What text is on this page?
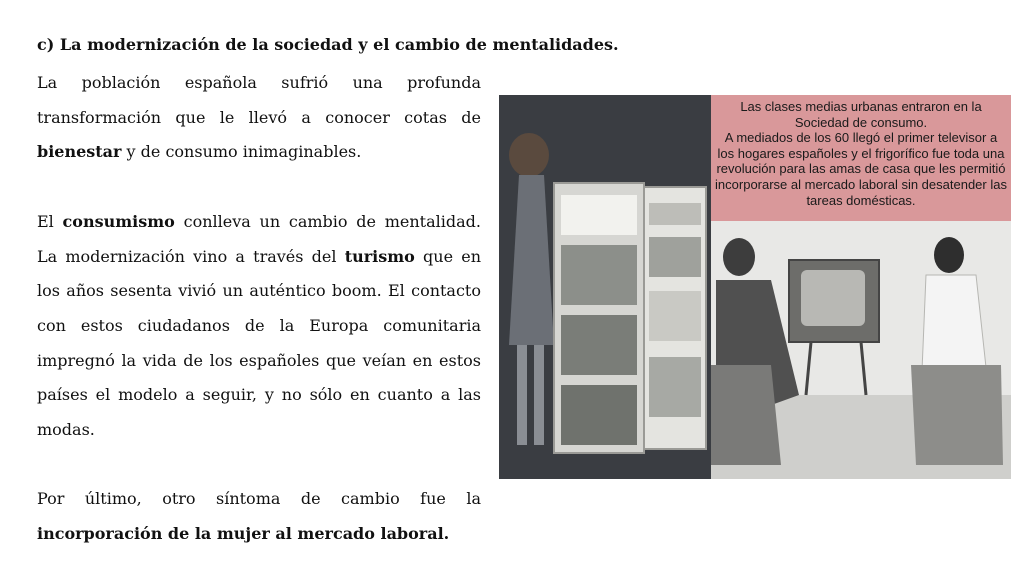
c) La modernización de la sociedad y el cambio de mentalidades.

La población española sufrió una profunda transformación que le llevó a conocer cotas de bienestar y de consumo inimaginables.

El consumismo conlleva un cambio de mentalidad. La modernización vino a través del turismo que en los años sesenta vivió un auténtico boom. El contacto con estos ciudadanos de la Europa comunitaria impregnó la vida de los españoles que veían en estos países el modelo a seguir, y no sólo en cuanto a las modas.

Por último, otro síntoma de cambio fue la incorporación de la mujer al mercado laboral.

Las clases medias urbanas entraron en la Sociedad de consumo.

A mediados de los 60 llegó el primer televisor a los hogares españoles y el frigorífico fue toda una revolución para las amas de casa que les permitió incorporarse al mercado laboral sin desatender las tareas domésticas.
